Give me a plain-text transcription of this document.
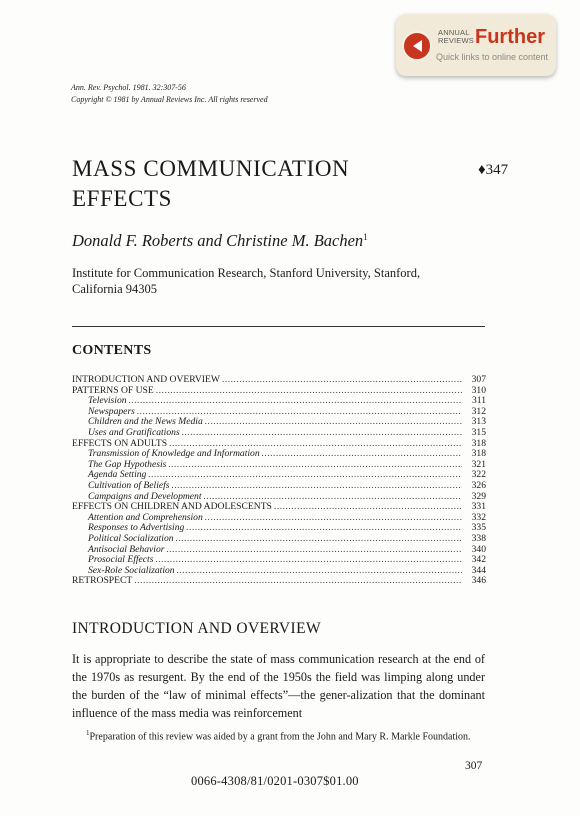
ANNUAL
REVIEWS Further
Quick links to online content
Ann. Rev. Psychol. 1981. 32:307-56
Copyright © 1981 by Annual Reviews Inc. All rights reserved
MASS COMMUNICATION
EFFECTS
♦347
Donald F. Roberts and Christine M. Bachen$^1$
Institute for Communication Research, Stanford University, Stanford,
California 94305
CONTENTS
INTRODUCTION AND OVERVIEW .....	307
PATTERNS OF USE .....	310
Television .....	311
Newspapers .....	312
Children and the News Media .....	313
Uses and Gratifications .....	315
EFFECTS ON ADULTS .....	318
Transmission of Knowledge and Information .....	318
The Gap Hypothesis .....	321
Agenda Setting .....	322
Cultivation of Beliefs .....	326
Campaigns and Development .....	329
EFFECTS ON CHILDREN AND ADOLESCENTS .....	331
Attention and Comprehension .....	332
Responses to Advertising .....	335
Political Socialization .....	338
Antisocial Behavior .....	340
Prosocial Effects .....	342
Sex-Role Socialization .....	344
RETROSPECT .....	346
INTRODUCTION AND OVERVIEW
It is appropriate to describe the state of mass communication research at the end of the 1970s as resurgent. By the end of the 1950s the field was limping along under the burden of the “law of minimal effects”—the gener-alization that the dominant influence of the mass media was reinforcement
$^1$Preparation of this review was aided by a grant from the John and Mary R. Markle Foundation.
307
0066-4308/81/0201-0307$01.00
